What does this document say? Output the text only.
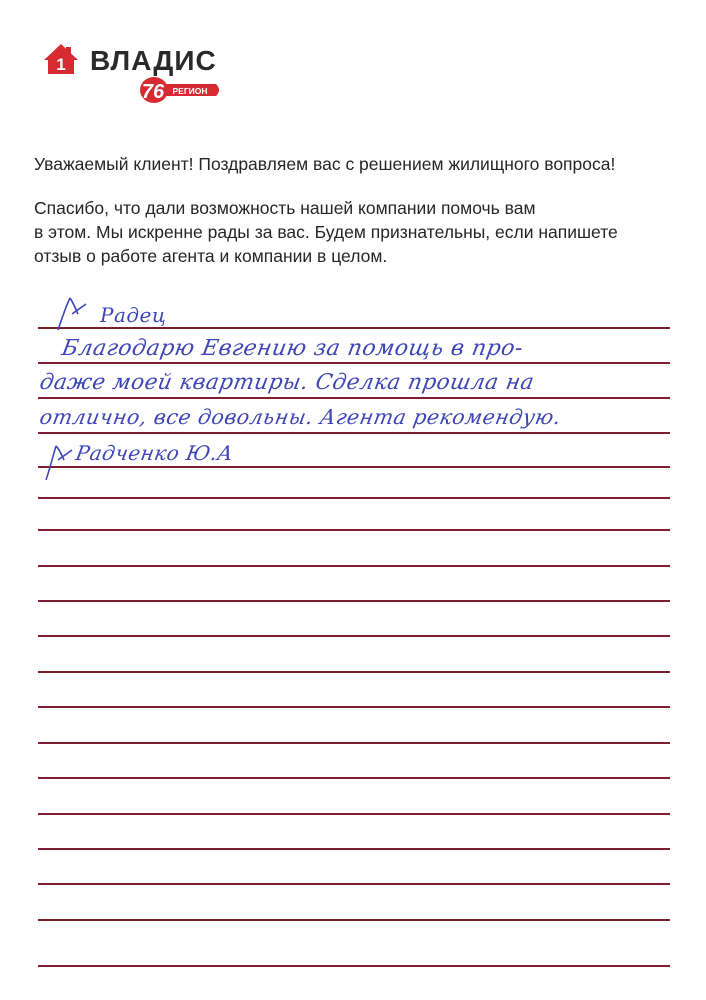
1 ВЛАДИС
76 РЕГИОН

Уважаемый клиент! Поздравляем вас с решением жилищного вопроса!

Спасибо, что дали возможность нашей компании помочь вам

в этом. Мы искренне рады за вас. Будем признательны, если напишете

отзыв о работе агента и компании в целом.

Радец
Благодарю Евгению за помощь в про-
даже моей квартиры. Сделка прошла на
отлично, все довольны. Агента рекомендую.
Радченко Ю.А
